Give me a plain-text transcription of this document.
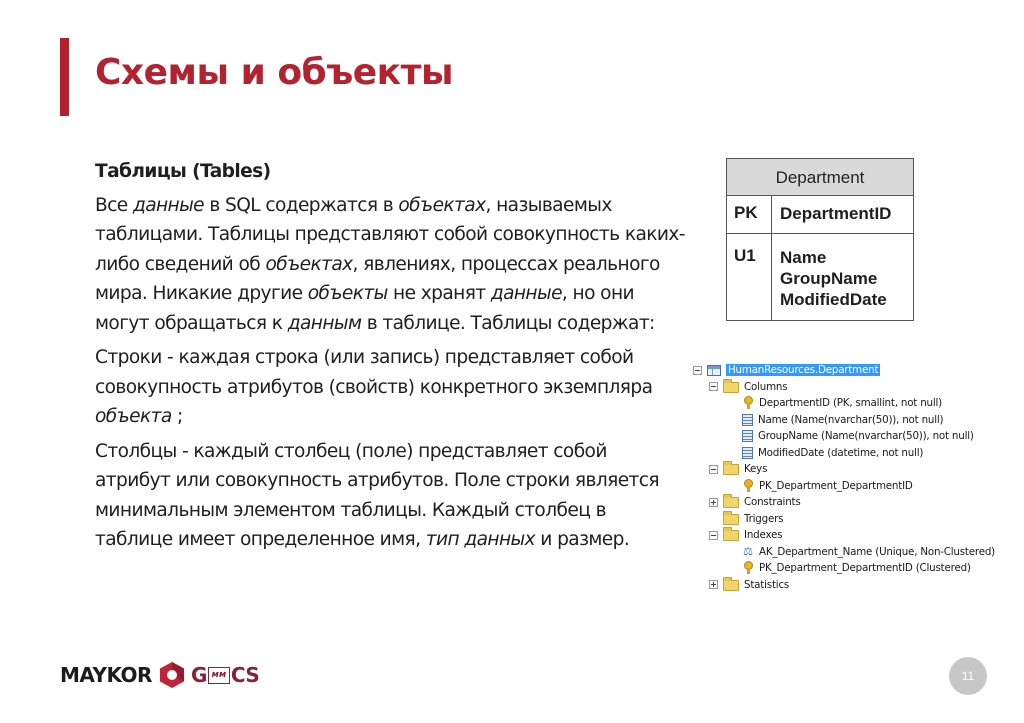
Схемы и объекты

Таблицы (Tables)

Все данные в SQL содержатся в объектах, называемых таблицами. Таблицы представляют собой совокупность каких-либо сведений об объектах, явлениях, процессах реального мира. Никакие другие объекты не хранят данные, но они могут обращаться к данным в таблице. Таблицы содержат:

Строки - каждая строка (или запись) представляет собой совокупность атрибутов (свойств) конкретного экземпляра объекта ;

Столбцы - каждый столбец (поле) представляет собой атрибут или совокупность атрибутов. Поле строки является минимальным элементом таблицы. Каждый столбец в таблице имеет определенное имя, тип данных и размер.

Department
PK	DepartmentID
U1	Name
GroupName
ModifiedDate
HumanResources.Department
Columns
DepartmentID (PK, smallint, not null)
Name (Name(nvarchar(50)), not null)
GroupName (Name(nvarchar(50)), not null)
ModifiedDate (datetime, not null)
Keys
PK_Department_DepartmentID
Constraints
Triggers
Indexes
⚖ AK_Department_Name (Unique, Non-Clustered)
PK_Department_DepartmentID (Clustered)
Statistics
MAYKOR G мм CS	11
